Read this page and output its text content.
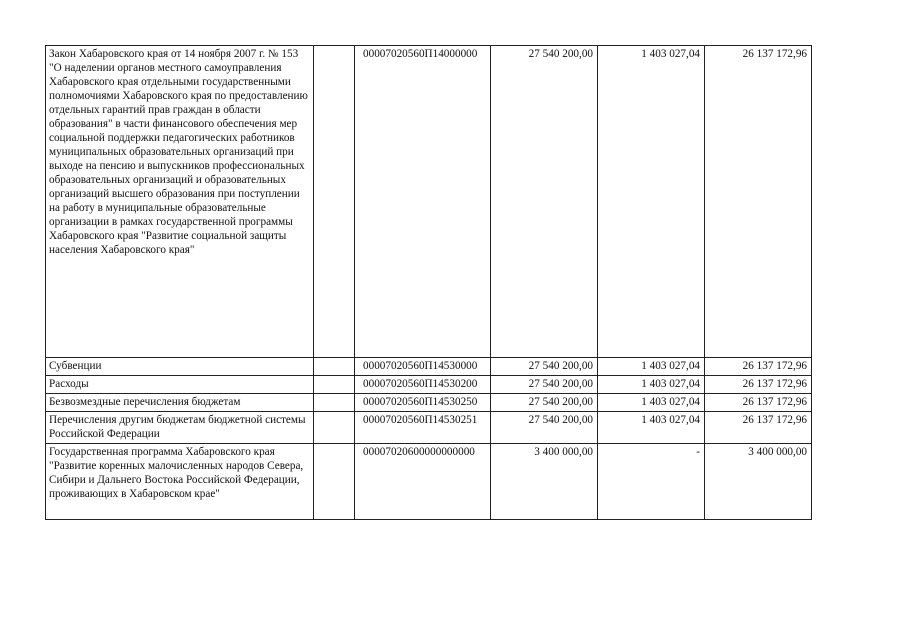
Закон Хабаровского края от 14 ноября 2007 г. № 153 "О наделении органов местного самоуправления Хабаровского края отдельными государственными полномочиями Хабаровского края по предоставлению отдельных гарантий прав граждан в области образования" в части финансового обеспечения мер социальной поддержки педагогических работников муниципальных образовательных организаций при выходе на пенсию и выпускников профессиональных образовательных организаций и образовательных организаций высшего образования при поступлении на работу в муниципальные образовательные организации в рамках государственной программы Хабаровского края "Развитие социальной защиты населения Хабаровского края"		00007020560П14000000	27 540 200,00	1 403 027,04	26 137 172,96
Субвенции		00007020560П14530000	27 540 200,00	1 403 027,04	26 137 172,96
Расходы		00007020560П14530200	27 540 200,00	1 403 027,04	26 137 172,96
Безвозмездные перечисления бюджетам		00007020560П14530250	27 540 200,00	1 403 027,04	26 137 172,96
Перечисления другим бюджетам бюджетной системы Российской Федерации		00007020560П14530251	27 540 200,00	1 403 027,04	26 137 172,96
Государственная программа Хабаровского края "Развитие коренных малочисленных народов Севера, Сибири и Дальнего Востока Российской Федерации, проживающих в Хабаровском крае"		00007020600000000000	3 400 000,00	-	3 400 000,00
